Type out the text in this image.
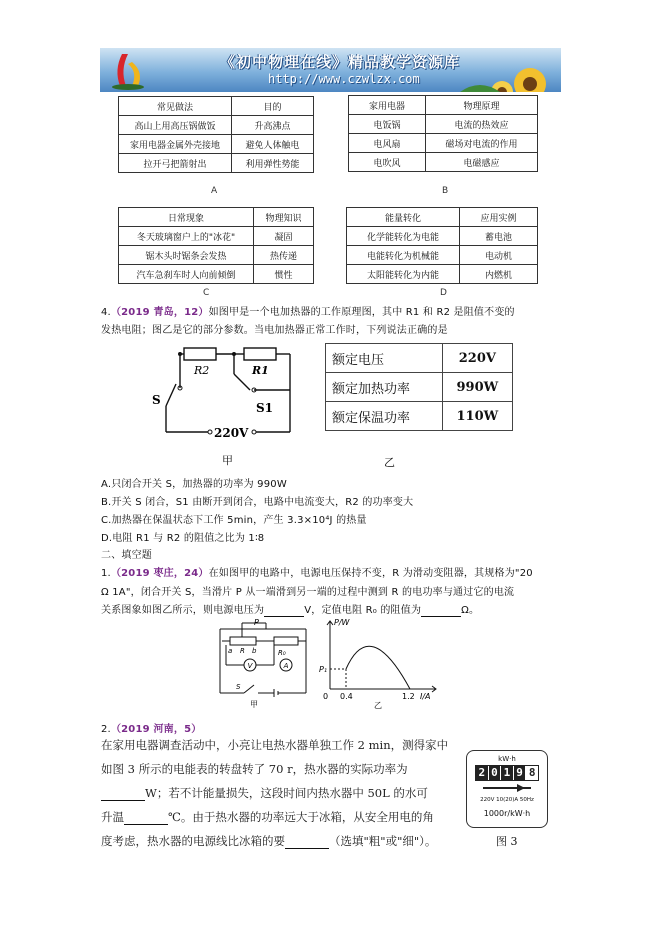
《初中物理在线》精品教学资源库
http://www.czwlzx.com
常见做法	目的
高山上用高压锅做饭	升高沸点
家用电器金属外壳接地	避免人体触电
拉开弓把箭射出	利用弹性势能
A
家用电器	物理原理
电饭锅	电流的热效应
电风扇	磁场对电流的作用
电吹风	电磁感应
B
日常现象	物理知识
冬天玻璃窗户上的"冰花"	凝固
锯木头时锯条会发热	热传递
汽车急刹车时人向前倾倒	惯性
C
能量转化	应用实例
化学能转化为电能	蓄电池
电能转化为机械能	电动机
太阳能转化为内能	内燃机
D
4.（2019 青岛，12）如图甲是一个电加热器的工作原理图，其中 R1 和 R2 是阻值不变的
发热电阻；图乙是它的部分参数。当电加热器正常工作时，下列说法正确的是
R2	R1
S
S1
220V
甲
额定电压	220V
额定加热功率	990W
额定保温功率	110W
乙
A.只闭合开关 S，加热器的功率为 990W
B.开关 S 闭合，S1 由断开到闭合，电路中电流变大，R2 的功率变大
C.加热器在保温状态下工作 5min，产生 3.3×10⁴J 的热量
D.电阻 R1 与 R2 的阻值之比为 1∶8
二、填空题
1.（2019 枣庄，24）在如图甲的电路中，电源电压保持不变，R 为滑动变阻器，其规格为"20
Ω 1A"，闭合开关 S，当滑片 P 从一端滑到另一端的过程中测到 R 的电功率与通过它的电流
关系图象如图乙所示，则电源电压为	V，定值电阻 R₀ 的阻值为	Ω。
V	A
P
a R b	R₀
S
甲
P/W
P₁
0 0.4	1.2 I/A
乙
2.（2019 河南，5）
在家用电器调查活动中，小亮让电热水器单独工作 2 min，测得家中
如图 3 所示的电能表的转盘转了 70 r，热水器的实际功率为
W；若不计能量损失，这段时间内热水器中 50L 的水可
升温	℃。由于热水器的功率远大于冰箱，从安全用电的角
度考虑，热水器的电源线比冰箱的要	（选填"粗"或"细"）。
kW·h
2 0 1 9 8
220V 10(20)A 50Hz
1000r/kW·h
图 3
